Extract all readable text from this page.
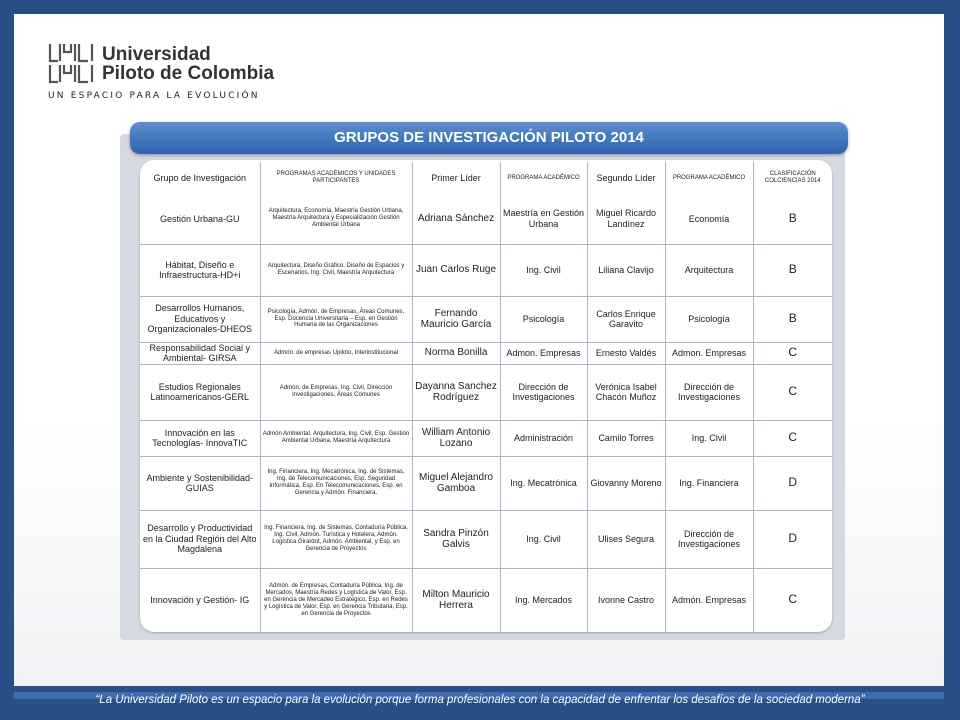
Universidad
Piloto de Colombia
UN ESPACIO PARA LA EVOLUCIÓN
GRUPOS DE INVESTIGACIÓN PILOTO 2014
Grupo de Investigación	PROGRAMAS ACADÉMICOS Y UNIDADES PARTICIPANTES	Primer Líder	PROGRAMA ACADÉMICO	Segundo Líder	PROGRAMA ACADÉMICO	CLASIFICACIÓN COLCIENCIAS 2014
Gestión Urbana-GU	Arquitectura, Economía, Maestría Gestión Urbana, Maestría Arquitectura y Especialización Gestión Ambiental Urbana	Adriana Sánchez	Maestría en Gestión Urbana	Miguel Ricardo Landínez	Economía	B
Hábitat, Diseño e Infraestructura-HD+i	Arquitectura, Diseño Gráfico, Diseño de Espacios y Escenarios, Ing. Civil, Maestría Arquitectura	Juan Carlos Ruge	Ing. Civil	Liliana Clavijo	Arquitectura	B
Desarrollos Humanos, Educativos y Organizacionales-DHEOS	Psicología, Admón. de Empresas, Áreas Comunes, Esp. Docencia Universitaria – Esp. en Gestión Humana de las Organizaciones	Fernando Mauricio García	Psicología	Carlos Enrique Garavito	Psicología	B
Responsabilidad Social y Ambiental- GIRSA	Admón. de empresas Upiloto, Interinstitucional	Norma Bonilla	Admon. Empresas	Ernesto Valdés	Admon. Empresas	C
Estudios Regionales Latinoamericanos-GERL	Admón. de Empresas, Ing. Civil, Dirección Investigaciones, Áreas Comunes	Dayanna Sanchez Rodríguez	Dirección de Investigaciones	Verónica Isabel Chacón Muñoz	Dirección de Investigaciones	C
Innovación en las Tecnologías- InnovaTIC	Admón Ambiental, Arquitectura, Ing. Civil, Esp. Gestión Ambiental Urbana, Maestría Arquitectura	William Antonio Lozano	Administración	Camilo Torres	Ing. Civil	C
Ambiente y Sostenibilidad-GUIAS	Ing. Financiera, Ing. Mecatrónica, Ing. de Sistemas, Ing. de Telecomunicaciones, Esp. Seguridad Informática, Esp. En Telecomunicaciones, Esp. en Gerencia y Admón. Financiera.	Miguel Alejandro Gamboa	Ing. Mecatrónica	Giovanny Moreno	Ing. Financiera	D
Desarrollo y Productividad en la Ciudad Región del Alto Magdalena	Ing. Financiera, Ing. de Sistemas, Contaduría Pública, Ing. Civil, Admón. Turística y Hotelera, Admón. Logística Girardot, Admón. Ambiental, y Esp. en Gerencia de Proyectos	Sandra Pinzón Galvis	Ing. Civil	Ulises Segura	Dirección de Investigaciones	D
Innovación y Gestión- IG	Admón. de Empresas, Contaduría Pública, Ing. de Mercados, Maestría Redes y Logística de Valor, Esp. en Gerencia de Mercadeo Estratégico, Esp. en Redes y Logística de Valor, Esp. en Gerencia Tributaria, Esp. en Gerencia de Proyectos	Milton Mauricio Herrera	Ing. Mercados	Ivonne Castro	Admón. Empresas	C
“La Universidad Piloto es un espacio para la evolución porque forma profesionales con la capacidad de enfrentar los desafíos de la sociedad moderna”
